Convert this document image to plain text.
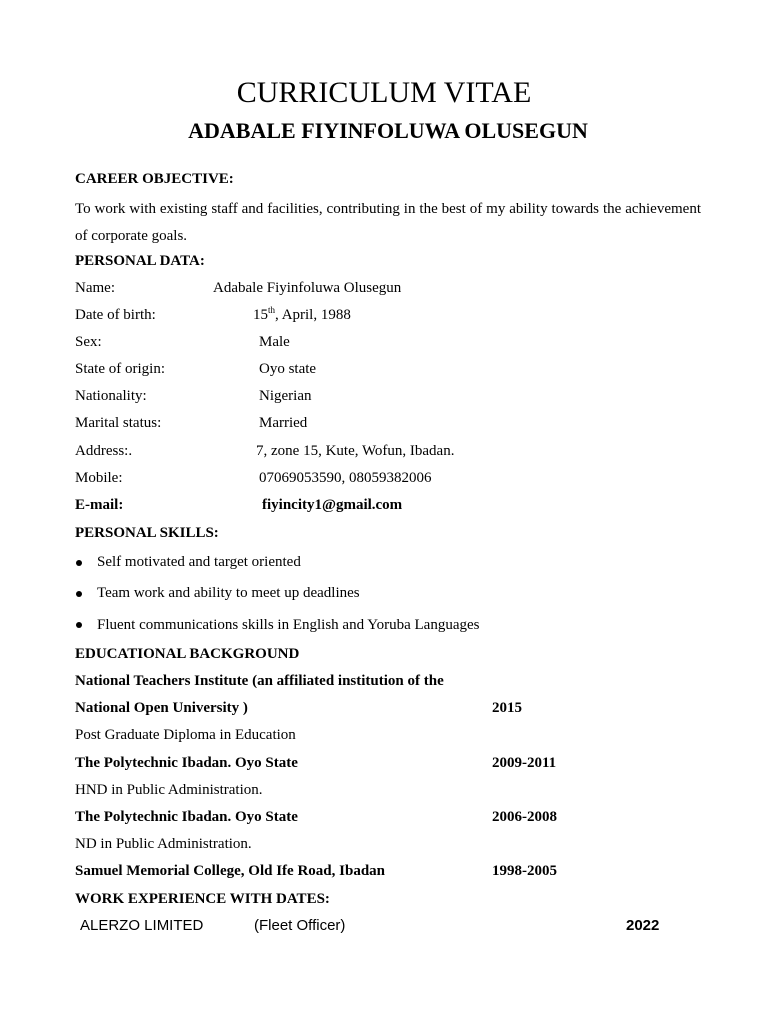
CURRICULUM VITAE
ADABALE FIYINFOLUWA OLUSEGUN
CAREER OBJECTIVE:
To work with existing staff and facilities, contributing in the best of my ability towards the achievement of corporate goals.
PERSONAL DATA:
Name:	Adabale Fiyinfoluwa Olusegun
Date of birth:	15th, April, 1988
Sex:	Male
State of origin:	Oyo state
Nationality:	Nigerian
Marital status:	Married
Address:.	7, zone 15, Kute, Wofun, Ibadan.
Mobile:	07069053590, 08059382006
E-mail:	fiyincity1@gmail.com
PERSONAL SKILLS:
Self motivated and target oriented
Team work and ability to meet up deadlines
Fluent communications skills in English and Yoruba Languages
EDUCATIONAL BACKGROUND
National Teachers Institute (an affiliated institution of the
National Open University )	2015
Post Graduate Diploma in Education
The Polytechnic Ibadan. Oyo State	2009-2011
HND in Public Administration.
The Polytechnic Ibadan. Oyo State	2006-2008
ND in Public Administration.
Samuel Memorial College, Old Ife Road, Ibadan	1998-2005
WORK EXPERIENCE WITH DATES:
ALERZO LIMITED	(Fleet Officer)	2022
